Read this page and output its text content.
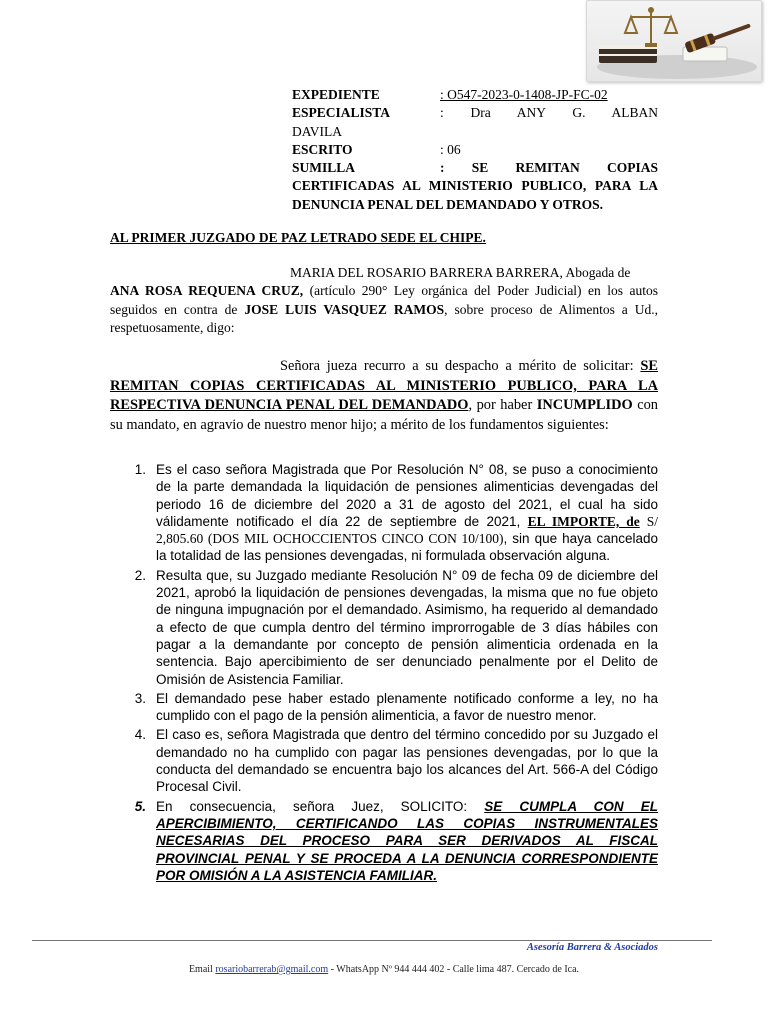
EXPEDIENTE	: O547-2023-0-1408-JP-FC-02
ESPECIALISTA	: Dra ANY G. ALBAN
DAVILA
ESCRITO	: 06
SUMILLA	: SE REMITAN COPIAS
CERTIFICADAS AL MINISTERIO PUBLICO, PARA LA
DENUNCIA PENAL DEL DEMANDADO Y OTROS.
AL PRIMER JUZGADO DE PAZ LETRADO SEDE EL CHIPE.
MARIA DEL ROSARIO BARRERA BARRERA, Abogada de
ANA ROSA REQUENA CRUZ, (artículo 290° Ley orgánica del Poder Judicial) en los autos seguidos en contra de JOSE LUIS VASQUEZ RAMOS, sobre proceso de Alimentos a Ud., respetuosamente, digo:
Señora jueza recurro a su despacho a mérito de solicitar: SE REMITAN COPIAS CERTIFICADAS AL MINISTERIO PUBLICO, PARA LA RESPECTIVA DENUNCIA PENAL DEL DEMANDADO, por haber INCUMPLIDO con su mandato, en agravio de nuestro menor hijo; a mérito de los fundamentos siguientes:
1. Es el caso señora Magistrada que Por Resolución N° 08, se puso a conocimiento de la parte demandada la liquidación de pensiones alimenticias devengadas del periodo 16 de diciembre del 2020 a 31 de agosto del 2021, el cual ha sido válidamente notificado el día 22 de septiembre de 2021, EL IMPORTE, de S/ 2,805.60 (DOS MIL OCHOCCIENTOS CINCO CON 10/100), sin que haya cancelado la totalidad de las pensiones devengadas, ni formulada observación alguna.
2. Resulta que, su Juzgado mediante Resolución N° 09 de fecha 09 de diciembre del 2021, aprobó la liquidación de pensiones devengadas, la misma que no fue objeto de ninguna impugnación por el demandado. Asimismo, ha requerido al demandado a efecto de que cumpla dentro del término improrrogable de 3 días hábiles con pagar a la demandante por concepto de pensión alimenticia ordenada en la sentencia. Bajo apercibimiento de ser denunciado penalmente por el Delito de Omisión de Asistencia Familiar.
3. El demandado pese haber estado plenamente notificado conforme a ley, no ha cumplido con el pago de la pensión alimenticia, a favor de nuestro menor.
4. El caso es, señora Magistrada que dentro del término concedido por su Juzgado el demandado no ha cumplido con pagar las pensiones devengadas, por lo que la conducta del demandado se encuentra bajo los alcances del Art. 566-A del Código Procesal Civil.
5. En consecuencia, señora Juez, SOLICITO: SE CUMPLA CON EL APERCIBIMIENTO, CERTIFICANDO LAS COPIAS INSTRUMENTALES NECESARIAS DEL PROCESO PARA SER DERIVADOS AL FISCAL PROVINCIAL PENAL Y SE PROCEDA A LA DENUNCIA CORRESPONDIENTE POR OMISIÓN A LA ASISTENCIA FAMILIAR.
Asesoría Barrera & Asociados
Email rosariobarrerab@gmail.com - WhatsApp Nº 944 444 402 - Calle lima 487. Cercado de Ica.
